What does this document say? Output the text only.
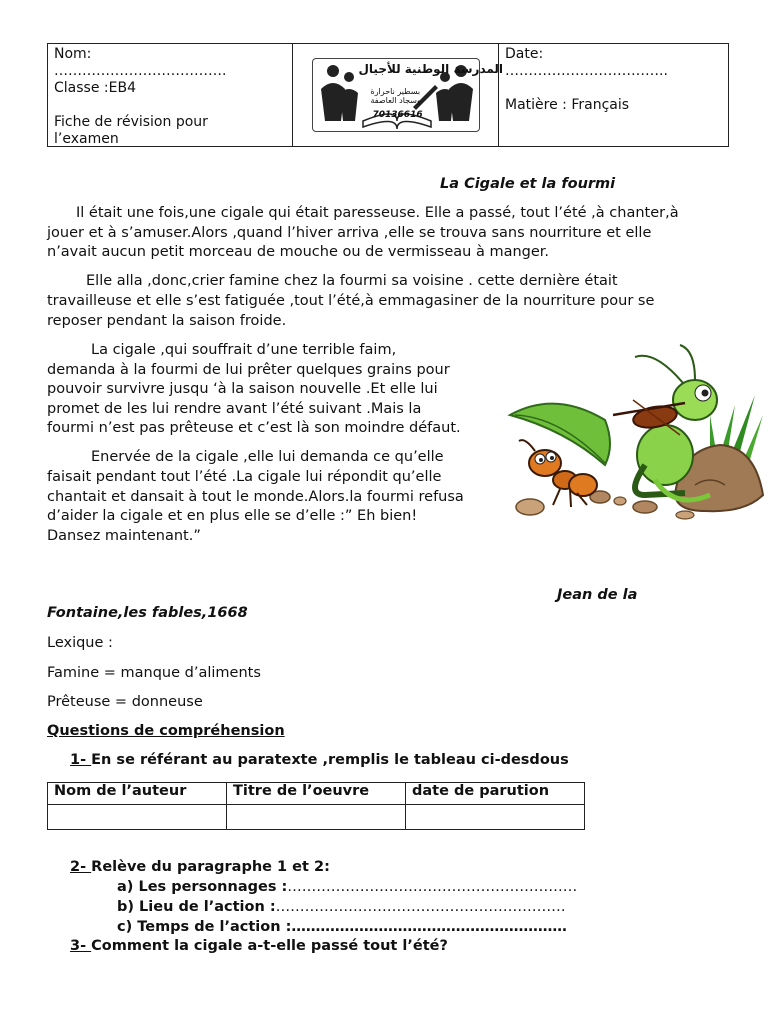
Nom:
……………………………….
Classe :EB4
Fiche de révision pour
l’examen
المدرسة الوطنية للأجيال
بسطير ناحرارة
وسجاد العاصفة
70136616
Date:
……………………………..
Matière : Français

La Cigale et la fourmi

Il était une fois,une cigale qui était paresseuse. Elle a passé, tout l’été ,à chanter,à

jouer et à s’amuser.Alors ,quand l’hiver arriva ,elle se trouva sans nourriture et elle

n’avait aucun petit morceau de mouche ou de vermisseau à manger.

Elle alla ,donc,crier famine chez la fourmi sa voisine . cette dernière était

travailleuse et elle s’est fatiguée ,tout l’été,à emmagasiner de la nourriture pour se

reposer pendant la saison froide.

La cigale ,qui souffrait d’une terrible faim,

demanda à la fourmi de lui prêter quelques grains pour

pouvoir survivre jusqu ‘à la saison nouvelle .Et elle lui

promet de les lui rendre avant l’été suivant .Mais la

fourmi n’est pas prêteuse et c’est là son moindre défaut.

Enervée de la cigale ,elle lui demanda ce qu’elle

faisait pendant tout l’été .La cigale lui répondit qu’elle

chantait et dansait à tout le monde.Alors.la fourmi refusa

d’aider la cigale et en plus elle se d’elle :” Eh bien!

Dansez maintenant.”

Jean de la

Fontaine,les fables,1668

Lexique :

Famine = manque d’aliments

Prêteuse = donneuse

Questions de compréhension

1- En se référant au paratexte ,remplis le tableau ci-desdous

Nom de l’auteur	Titre de l’oeuvre	date de parution

2- Relève du paragraphe 1 et 2:

a) Les personnages :……………………………………………………

b) Lieu de l’action :……………………………………………………

c) Temps de l’action :…………………………………………………

3- Comment la cigale a-t-elle passé tout l’été?
